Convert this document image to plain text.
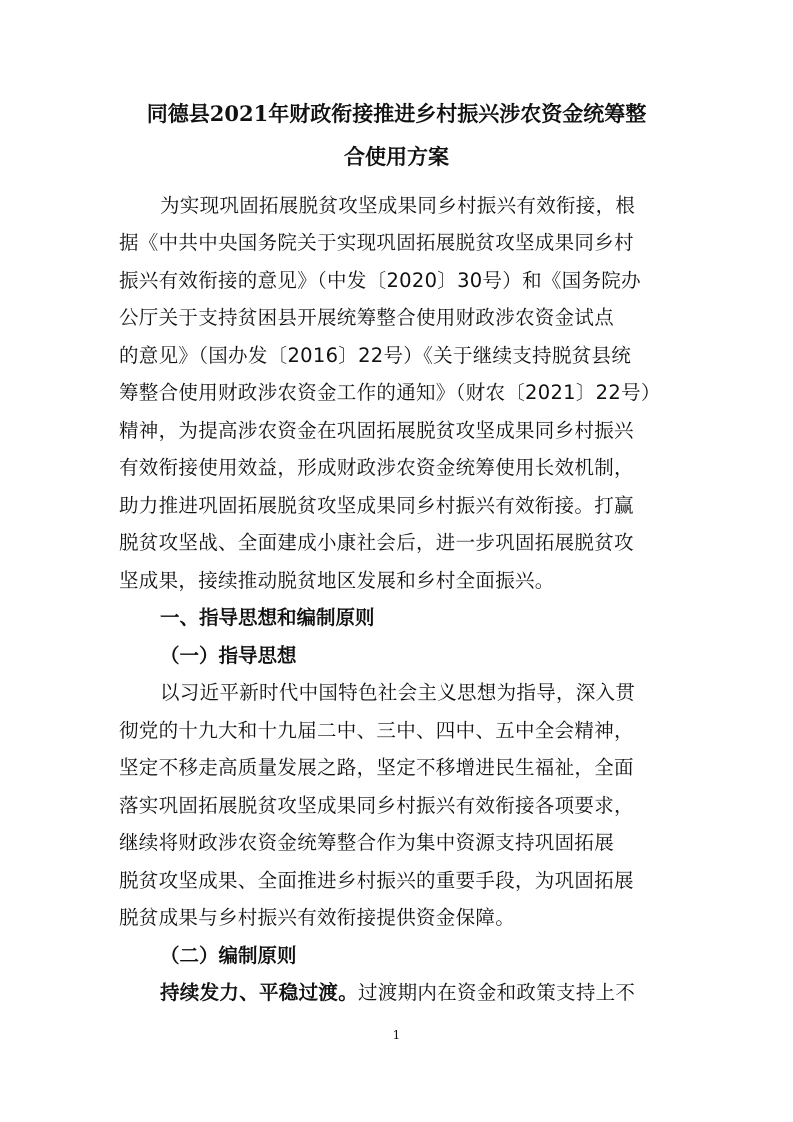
同德县2021年财政衔接推进乡村振兴涉农资金统筹整
合使用方案
为实现巩固拓展脱贫攻坚成果同乡村振兴有效衔接，根
据《中共中央国务院关于实现巩固拓展脱贫攻坚成果同乡村
振兴有效衔接的意见》（中发〔2020〕30号）和《国务院办
公厅关于支持贫困县开展统筹整合使用财政涉农资金试点
的意见》（国办发〔2016〕22号）《关于继续支持脱贫县统
筹整合使用财政涉农资金工作的通知》（财农〔2021〕22号）
精神，为提高涉农资金在巩固拓展脱贫攻坚成果同乡村振兴
有效衔接使用效益，形成财政涉农资金统筹使用长效机制，
助力推进巩固拓展脱贫攻坚成果同乡村振兴有效衔接。打赢
脱贫攻坚战、全面建成小康社会后，进一步巩固拓展脱贫攻
坚成果，接续推动脱贫地区发展和乡村全面振兴。
一、指导思想和编制原则
（一）指导思想
以习近平新时代中国特色社会主义思想为指导，深入贯
彻党的十九大和十九届二中、三中、四中、五中全会精神，
坚定不移走高质量发展之路，坚定不移增进民生福祉，全面
落实巩固拓展脱贫攻坚成果同乡村振兴有效衔接各项要求，
继续将财政涉农资金统筹整合作为集中资源支持巩固拓展
脱贫攻坚成果、全面推进乡村振兴的重要手段，为巩固拓展
脱贫成果与乡村振兴有效衔接提供资金保障。
（二）编制原则
持续发力、平稳过渡。过渡期内在资金和政策支持上不
1
